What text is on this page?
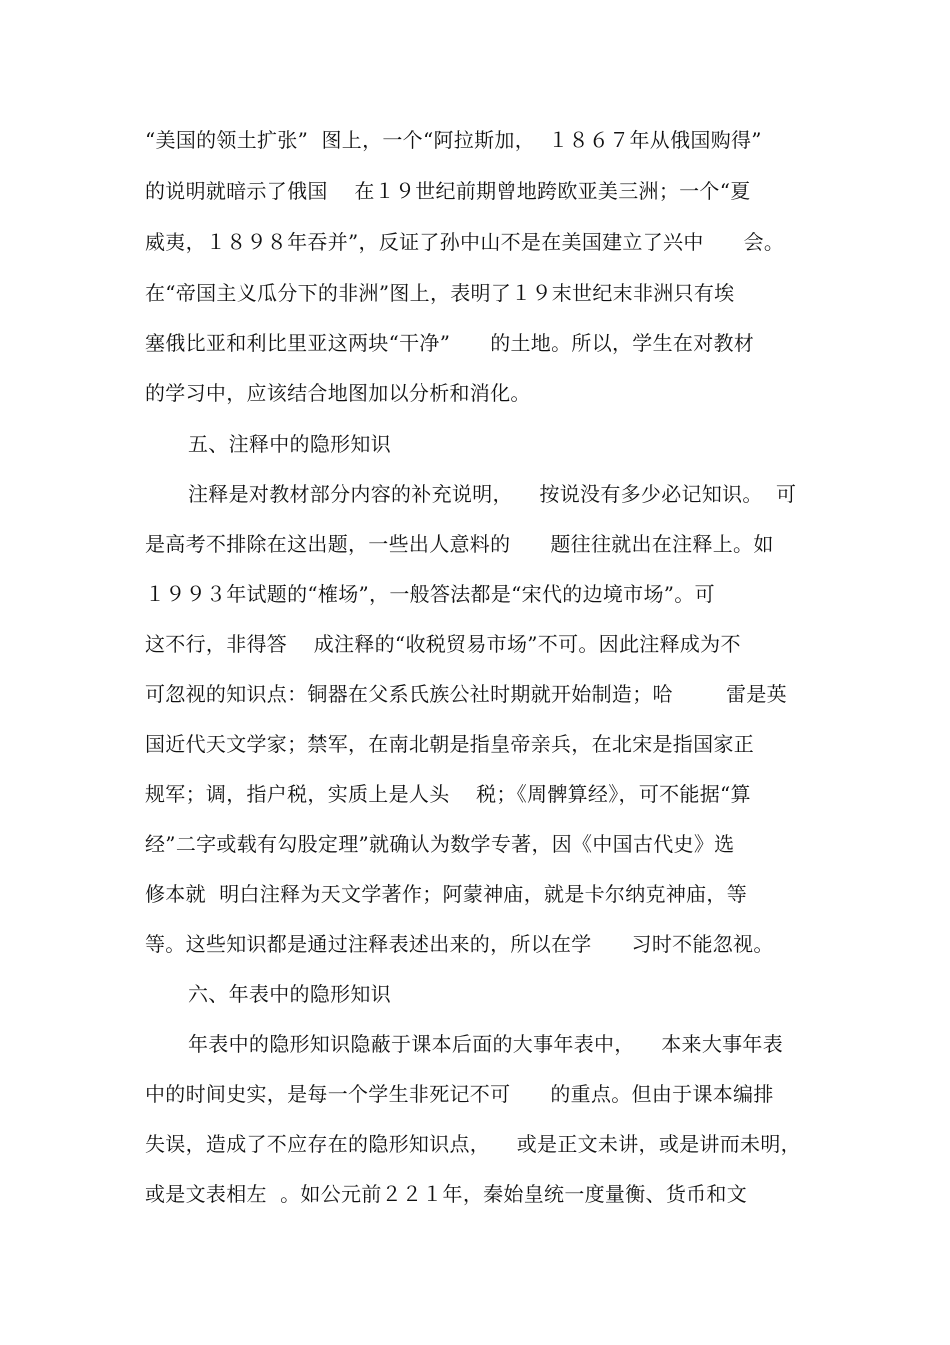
“美国的领土扩张”  图上，一个“阿拉斯加，  １８６７年从俄国购得”
的说明就暗示了俄国    在１９世纪前期曾地跨欧亚美三洲；一个“夏
威夷，１８９８年吞并”，反证了孙中山不是在美国建立了兴中      会。
在“帝国主义瓜分下的非洲”图上，表明了１９末世纪末非洲只有埃
塞俄比亚和利比里亚这两块“干净”      的土地。所以，学生在对教材
的学习中，应该结合地图加以分析和消化。
五、注释中的隐形知识
注释是对教材部分内容的补充说明，    按说没有多少必记知识。  可
是高考不排除在这出题，一些出人意料的      题往往就出在注释上。如
１９９３年试题的“榷场”，一般答法都是“宋代的边境市场”。可
这不行，非得答    成注释的“收税贸易市场”不可。因此注释成为不
可忽视的知识点：铜器在父系氏族公社时期就开始制造；哈        雷是英
国近代天文学家；禁军，在南北朝是指皇帝亲兵，在北宋是指国家正
规军；调，指户税，实质上是人头    税；《周髀算经》，可不能据“算
经”二字或载有勾股定理”就确认为数学专著，因《中国古代史》选
修本就  明白注释为天文学著作；阿蒙神庙，就是卡尔纳克神庙，等
等。这些知识都是通过注释表述出来的，所以在学      习时不能忽视。
六、年表中的隐形知识
年表中的隐形知识隐蔽于课本后面的大事年表中，    本来大事年表
中的时间史实，是每一个学生非死记不可      的重点。但由于课本编排
失误，造成了不应存在的隐形知识点，    或是正文未讲，或是讲而未明，
或是文表相左  。如公元前２２１年，秦始皇统一度量衡、货币和文
